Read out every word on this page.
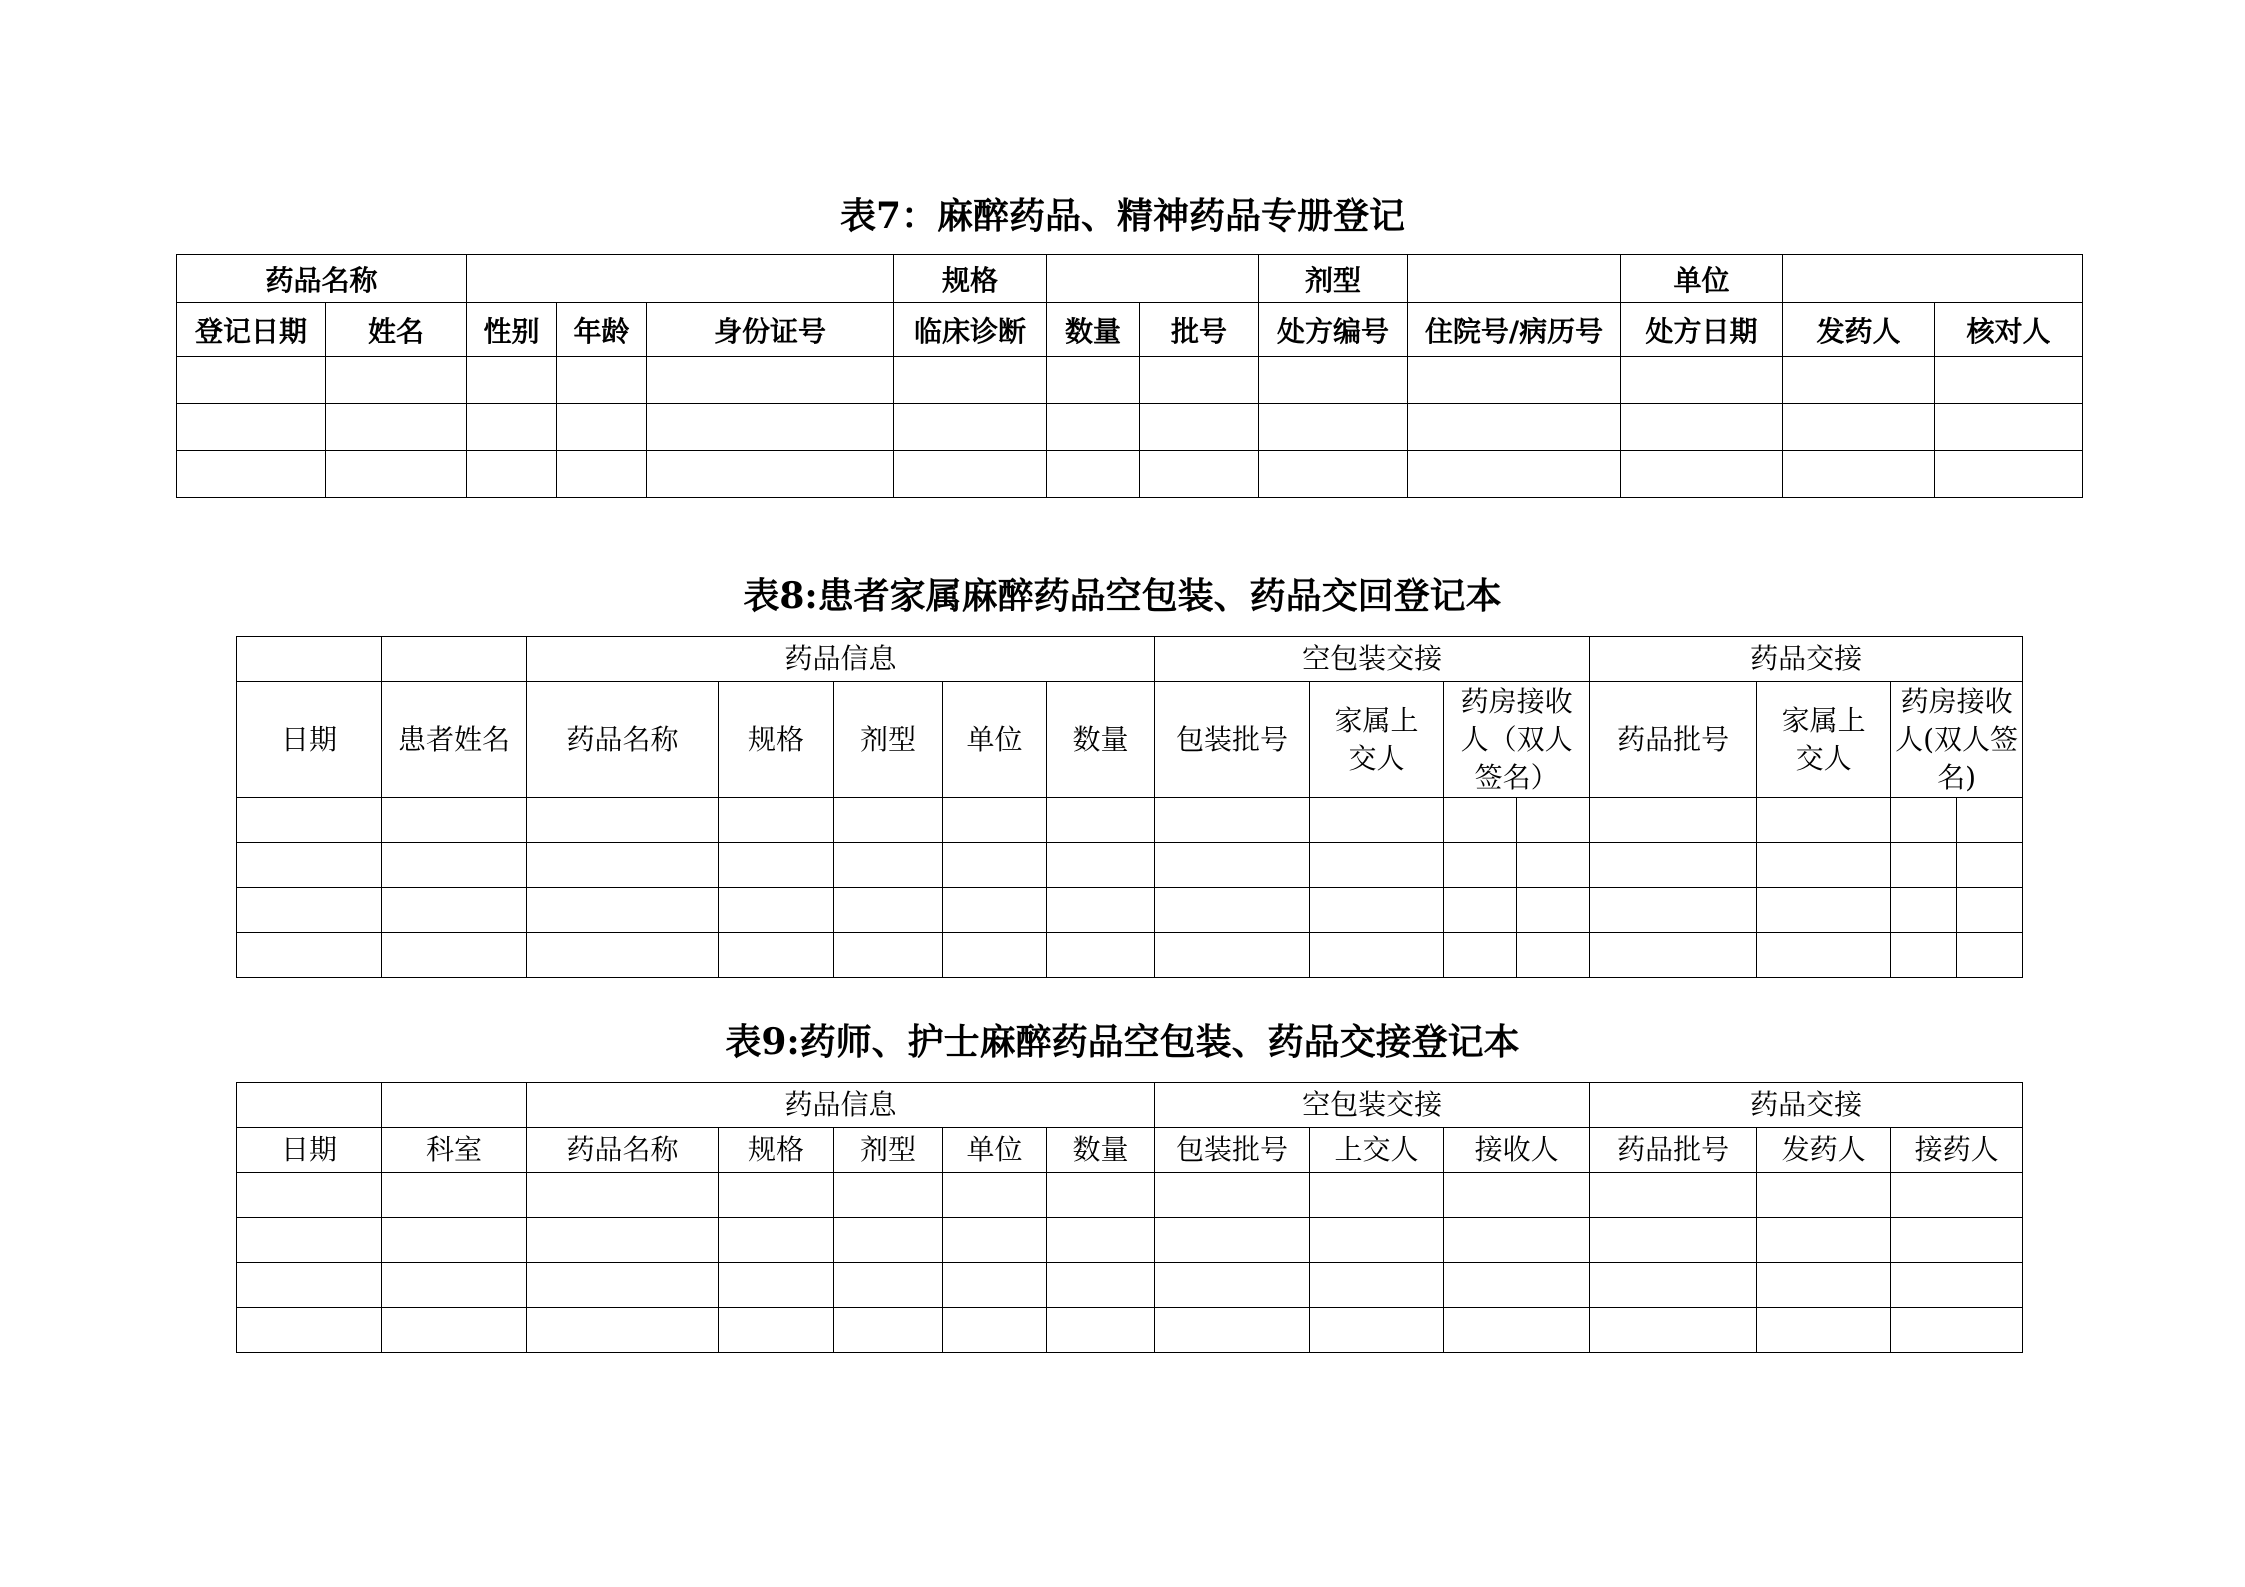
表7：麻醉药品、精神药品专册登记
药品名称					规格			剂型		单位		
登记日期	姓名	性别	年龄	身份证号	临床诊断	数量	批号	处方编号	住院号/病历号	处方日期	发药人	核对人

表8:患者家属麻醉药品空包装、药品交回登记本
		药品信息					空包装交接				药品交接			
日期	患者姓名	药品名称	规格	剂型	单位	数量	包装批号	家属上交人	药房接收人（双人签名）		药品批号	家属上交人	药房接收人(双人签名)	

表9:药师、护士麻醉药品空包装、药品交接登记本
		药品信息					空包装交接			药品交接		
日期	科室	药品名称	规格	剂型	单位	数量	包装批号	上交人	接收人	药品批号	发药人	接药人
